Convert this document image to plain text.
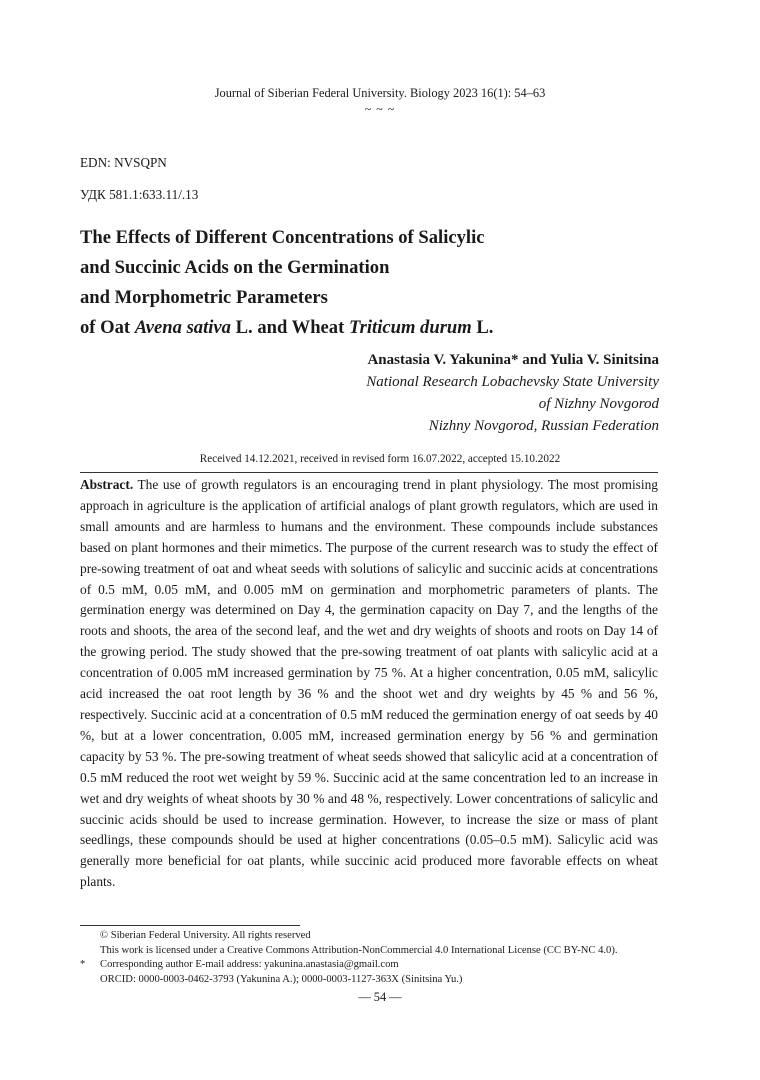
Journal of Siberian Federal University. Biology 2023 16(1): 54–63
~ ~ ~
EDN: NVSQPN
УДК 581.1:633.11/.13
The Effects of Different Concentrations of Salicylic
and Succinic Acids on the Germination
and Morphometric Parameters
of Oat Avena sativa L. and Wheat Triticum durum L.
Anastasia V. Yakunina* and Yulia V. Sinitsina
National Research Lobachevsky State University
of Nizhny Novgorod
Nizhny Novgorod, Russian Federation
Received 14.12.2021, received in revised form 16.07.2022, accepted 15.10.2022

Abstract. The use of growth regulators is an encouraging trend in plant physiology. The most promising approach in agriculture is the application of artificial analogs of plant growth regulators, which are used in small amounts and are harmless to humans and the environment. These compounds include substances based on plant hormones and their mimetics. The purpose of the current research was to study the effect of pre-sowing treatment of oat and wheat seeds with solutions of salicylic and succinic acids at concentrations of 0.5 mM, 0.05 mM, and 0.005 mM on germination and morphometric parameters of plants. The germination energy was determined on Day 4, the germination capacity on Day 7, and the lengths of the roots and shoots, the area of the second leaf, and the wet and dry weights of shoots and roots on Day 14 of the growing period. The study showed that the pre-sowing treatment of oat plants with salicylic acid at a concentration of 0.005 mM increased germination by 75 %. At a higher concentration, 0.05 mM, salicylic acid increased the oat root length by 36 % and the shoot wet and dry weights by 45 % and 56 %, respectively. Succinic acid at a concentration of 0.5 mM reduced the germination energy of oat seeds by 40 %, but at a lower concentration, 0.005 mM, increased germination energy by 56 % and germination capacity by 53 %. The pre-sowing treatment of wheat seeds showed that salicylic acid at a concentration of 0.5 mM reduced the root wet weight by 59 %. Succinic acid at the same concentration led to an increase in wet and dry weights of wheat shoots by 30 % and 48 %, respectively. Lower concentrations of salicylic and succinic acids should be used to increase germination. However, to increase the size or mass of plant seedlings, these compounds should be used at higher concentrations (0.05–0.5 mM). Salicylic acid was generally more beneficial for oat plants, while succinic acid produced more favorable effects on wheat plants.

© Siberian Federal University. All rights reserved
This work is licensed under a Creative Commons Attribution-NonCommercial 4.0 International License (CC BY-NC 4.0).
* Corresponding author E-mail address: yakunina.anastasia@gmail.com
ORCID: 0000-0003-0462-3793 (Yakunina A.); 0000-0003-1127-363X (Sinitsina Yu.)
— 54 —
